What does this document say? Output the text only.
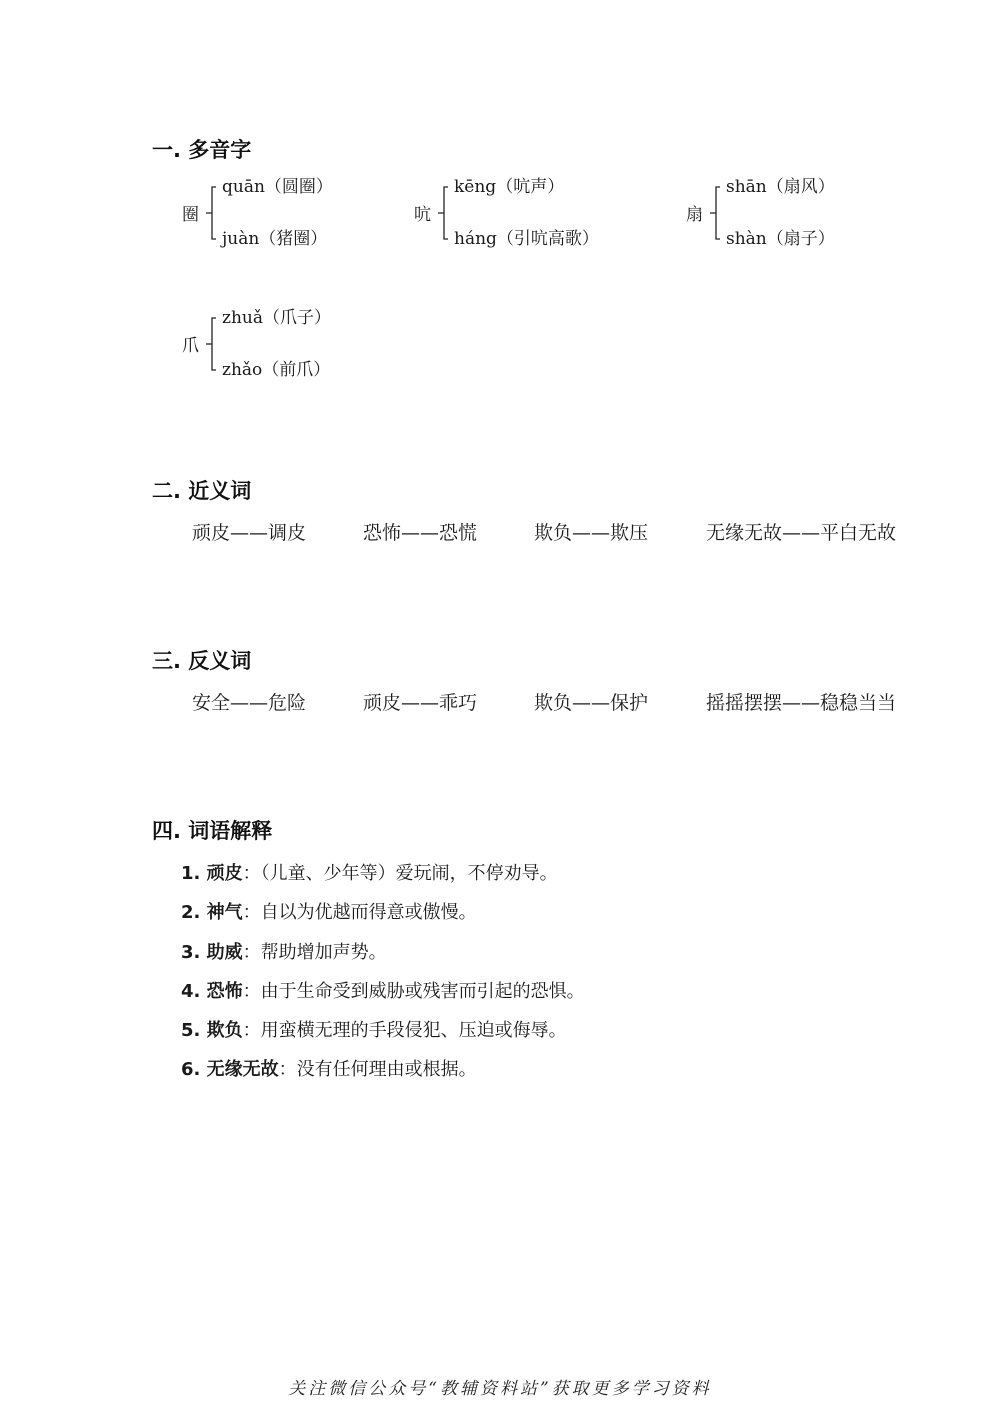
一. 多音字
圈
quān（圆圈）
juàn（猪圈）
吭
kēng（吭声）
háng（引吭高歌）
扇
shān（扇风）
shàn（扇子）
爪
zhuǎ（爪子）
zhǎo（前爪）
二. 近义词
顽皮——调皮	恐怖——恐慌	欺负——欺压	无缘无故——平白无故
三. 反义词
安全——危险	顽皮——乖巧	欺负——保护	摇摇摆摆——稳稳当当
四. 词语解释
1. 顽皮：（儿童、少年等）爱玩闹，不停劝导。
2. 神气：自以为优越而得意或傲慢。
3. 助威：帮助增加声势。
4. 恐怖：由于生命受到威胁或残害而引起的恐惧。
5. 欺负：用蛮横无理的手段侵犯、压迫或侮辱。
6. 无缘无故：没有任何理由或根据。
关注微信公众号“教辅资料站”获取更多学习资料
